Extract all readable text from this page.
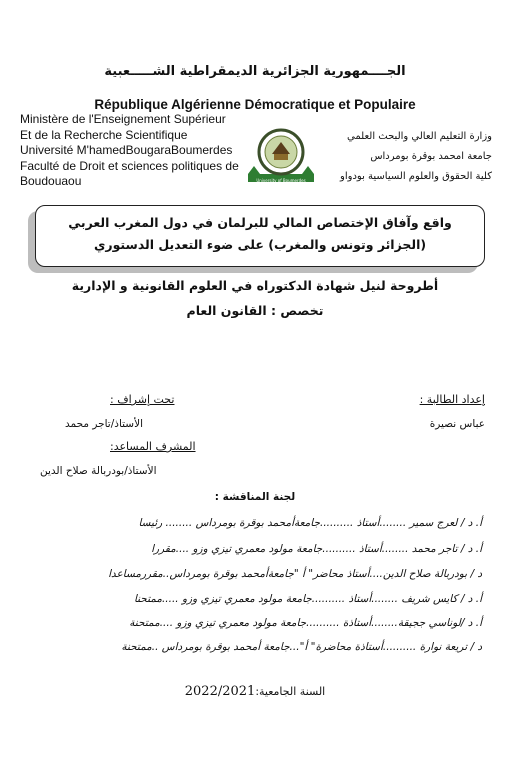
الجــــمهورية الجزائرية الديمقراطية الشـــــعبية
République Algérienne Démocratique et Populaire
Ministère de l'Enseignement Supérieur
Et de la Recherche Scientifique
Université M'hamedBougaraBoumerdes
Faculté de Droit et sciences politiques de
Boudouaou	University of Boumerdes
وزارة التعليم العالي والبحث العلمي
جامعة امحمد بوقرة بومرداس
كلية الحقوق والعلوم السياسية بودواو

واقع وآفاق الإختصاص المالي للبرلمان في دول المغرب العربي

(الجزائر وتونس والمغرب) على ضوء التعديل الدستوري

أطروحة لنيل شهادة الدكتوراه في العلوم القانونية و الإدارية
تخصص : القانون العام
إعداد الطالبة :
عباس نصيرة
تحت إشراف :
الأستاذ/تاجر محمد
المشرف المساعد:
الأستاذ/بودربالة صلاح الدين
لجنة المناقشة :
أ. د / لعرج سمير ........أستاذ ..........جامعةأمحمد بوقرة بومرداس ........ رئيسا
أ. د / تاجر محمد ........أستاذ ..........جامعة مولود معمري تيزي وزو ....مقررا
د / بودربالة صلاح الدين....أستاذ محاضر" أ "جامعةأمحمد بوقرة بومرداس..مقررمساعدا
أ. د / كايس شريف ........أستاذ ..........جامعة مولود معمري تيزي وزو .....ممتحنا
أ. د /لوناسي ججيقة........أستاذة ..........جامعة مولود معمري تيزي وزو ....ممتحنة
د / تريعة نوارة ..........أستاذة محاضرة" أ"...جامعة أمحمد بوقرة بومرداس ..ممتحنة
السنة الجامعية:2022/2021
